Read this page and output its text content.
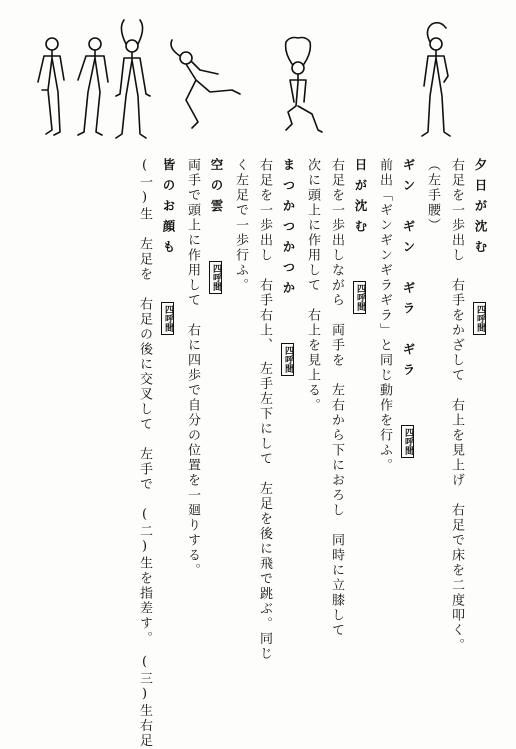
夕日が沈む 四呼間
右足を一歩出し　右手をかざして　右上を見上げ　右足で床を二度叩く。
（左手腰）
ギン　ギン　ギラ　ギラ 四呼間
前出「ギンギンギラギラ」と同じ動作を行ふ。
日が沈む 四呼間
右足を一歩出しながら　両手を　左右から下におろし　同時に立膝して
次に頭上に作用して　右上を見上る。
まつかつかつか 四呼間
右足を一歩出し　右手右上、　左手左下にして　左足を後に飛で跳ぶ。同じ
く左足で一歩行ふ。
空の雲 四呼間
両手で頭上に作用して　右に四歩で自分の位置を一廻りする。
皆のお顔も 四呼間
(一)生　左足を　右足の後に交叉して　左手で　(二)生を指差す。　(三)生右足
